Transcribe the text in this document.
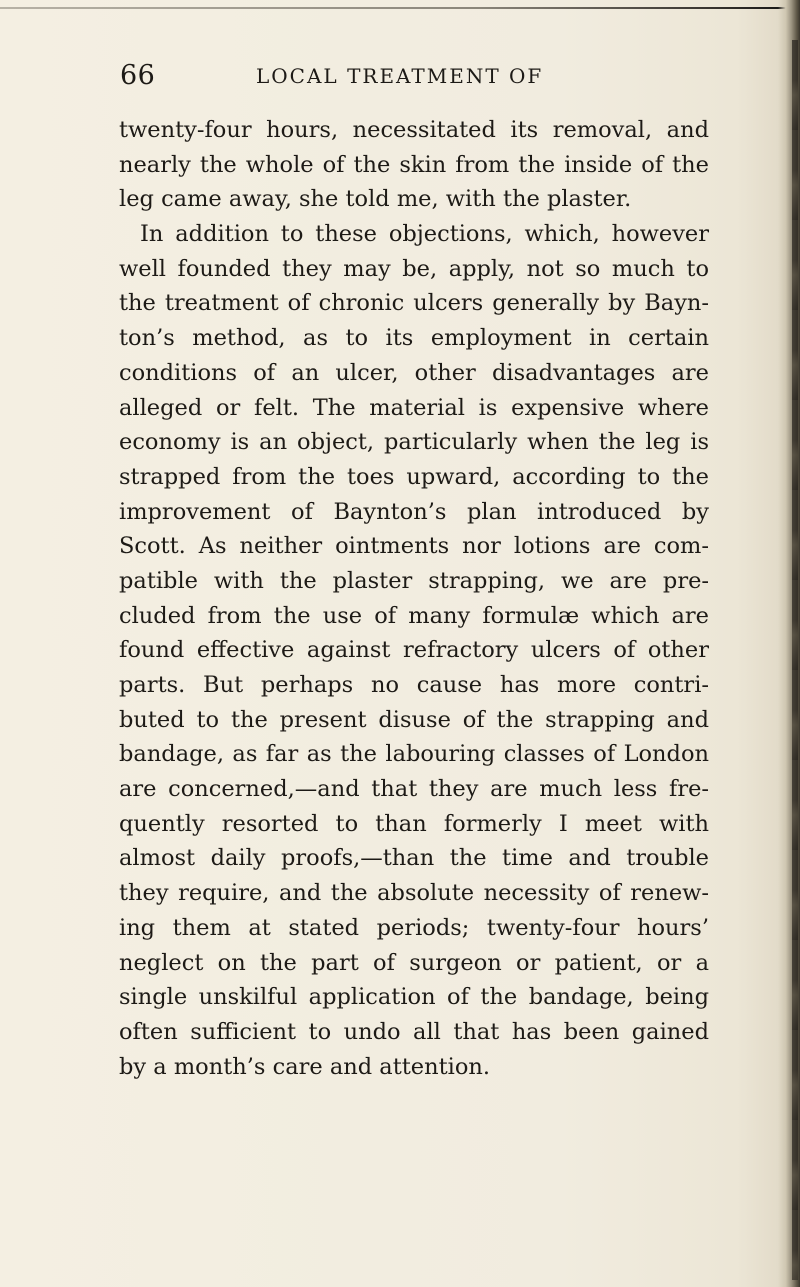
66	LOCAL TREATMENT OF
twenty-four hours, necessitated its removal, and
nearly the whole of the skin from the inside of the
leg came away, she told me, with the plaster.
In addition to these objections, which, however
well founded they may be, apply, not so much to
the treatment of chronic ulcers generally by Bayn-
ton’s method, as to its employment in certain
conditions of an ulcer, other disadvantages are
alleged or felt. The material is expensive where
economy is an object, particularly when the leg is
strapped from the toes upward, according to the
improvement of Baynton’s plan introduced by
Scott. As neither ointments nor lotions are com-
patible with the plaster strapping, we are pre-
cluded from the use of many formulæ which are
found effective against refractory ulcers of other
parts. But perhaps no cause has more contri-
buted to the present disuse of the strapping and
bandage, as far as the labouring classes of London
are concerned,—and that they are much less fre-
quently resorted to than formerly I meet with
almost daily proofs,—than the time and trouble
they require, and the absolute necessity of renew-
ing them at stated periods; twenty-four hours’
neglect on the part of surgeon or patient, or a
single unskilful application of the bandage, being
often sufficient to undo all that has been gained
by a month’s care and attention.
